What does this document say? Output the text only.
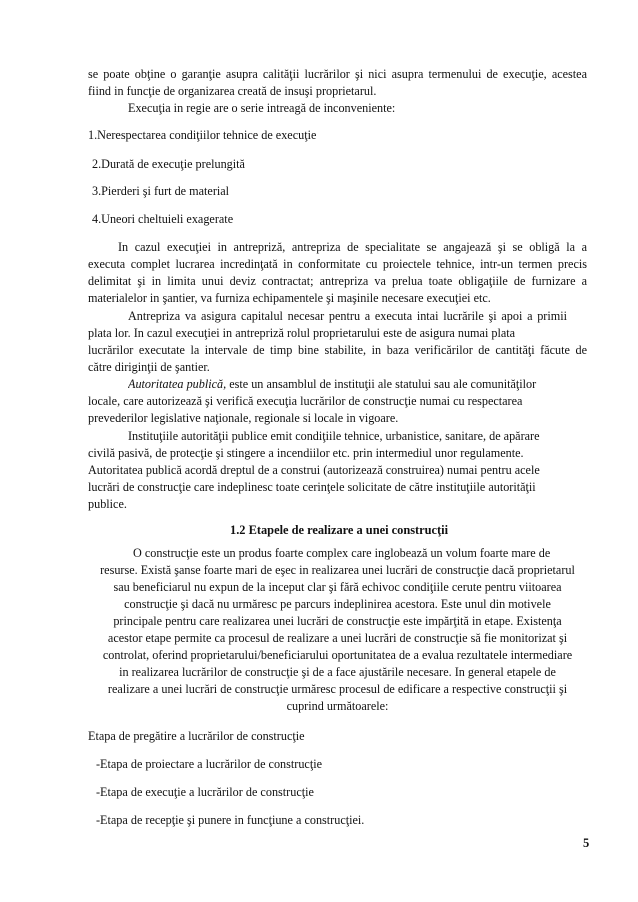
se poate obţine o garanţie asupra calităţii lucrărilor şi nici asupra termenului de execuţie, acestea
fiind in funcţie de organizarea creată de insuşi proprietarul.
Execuţia in regie are o serie intreagă de inconveniente:
1.Nerespectarea condiţiilor tehnice de execuţie
2.Durată de execuţie prelungită
3.Pierderi şi furt de material
4.Uneori cheltuieli exagerate
In cazul execuţiei in antrepriză, antrepriza de specialitate se angajează şi se obligă la a
executa complet lucrarea incredinţată in conformitate cu proiectele tehnice, intr-un termen precis
delimitat şi in limita unui deviz contractat; antrepriza va prelua toate obligaţiile de furnizare a
materialelor in şantier, va furniza echipamentele şi maşinile necesare execuţiei etc.
Antrepriza va asigura capitalul necesar pentru a executa intai lucrările şi apoi a primii
plata lor. In cazul execuţiei in antrepriză rolul proprietarului este de asigura numai plata
lucrărilor executate la intervale de timp bine stabilite, in baza verificărilor de cantităţi făcute de
către diriginţii de şantier.
Autoritatea publică, este un ansamblul de instituţii ale statului sau ale comunităţilor
locale, care autorizează şi verifică execuţia lucrărilor de construcţie numai cu respectarea
prevederilor legislative naţionale, regionale si locale in vigoare.
Instituţiile autorităţii publice emit condiţiile tehnice, urbanistice, sanitare, de apărare
civilă pasivă, de protecţie şi stingere a incendiilor etc. prin intermediul unor regulamente.
Autoritatea publică acordă dreptul de a construi (autorizează construirea) numai pentru acele
lucrări de construcţie care indeplinesc toate cerinţele solicitate de către instituţiile autorităţii
publice.
1.2 Etapele de realizare a unei construcţii
O construcţie este un produs foarte complex care inglobează un volum foarte mare de
resurse. Există şanse foarte mari de eşec in realizarea unei lucrări de construcţie dacă proprietarul
sau beneficiarul nu expun de la inceput clar şi fără echivoc condiţiile cerute pentru viitoarea
construcţie şi dacă nu urmăresc pe parcurs indeplinirea acestora. Este unul din motivele
principale pentru care realizarea unei lucrări de construcţie este impărţită in etape. Existenţa
acestor etape permite ca procesul de realizare a unei lucrări de construcţie să fie monitorizat şi
controlat, oferind proprietarului/beneficiarului oportunitatea de a evalua rezultatele intermediare
in realizarea lucrărilor de construcţie şi de a face ajustările necesare. In general etapele de
realizare a unei lucrări de construcţie urmăresc procesul de edificare a respective construcţii şi
cuprind următoarele:
Etapa de pregătire a lucrărilor de construcţie
-Etapa de proiectare a lucrărilor de construcţie
-Etapa de execuţie a lucrărilor de construcţie
-Etapa de recepţie şi punere in funcţiune a construcţiei.
5
